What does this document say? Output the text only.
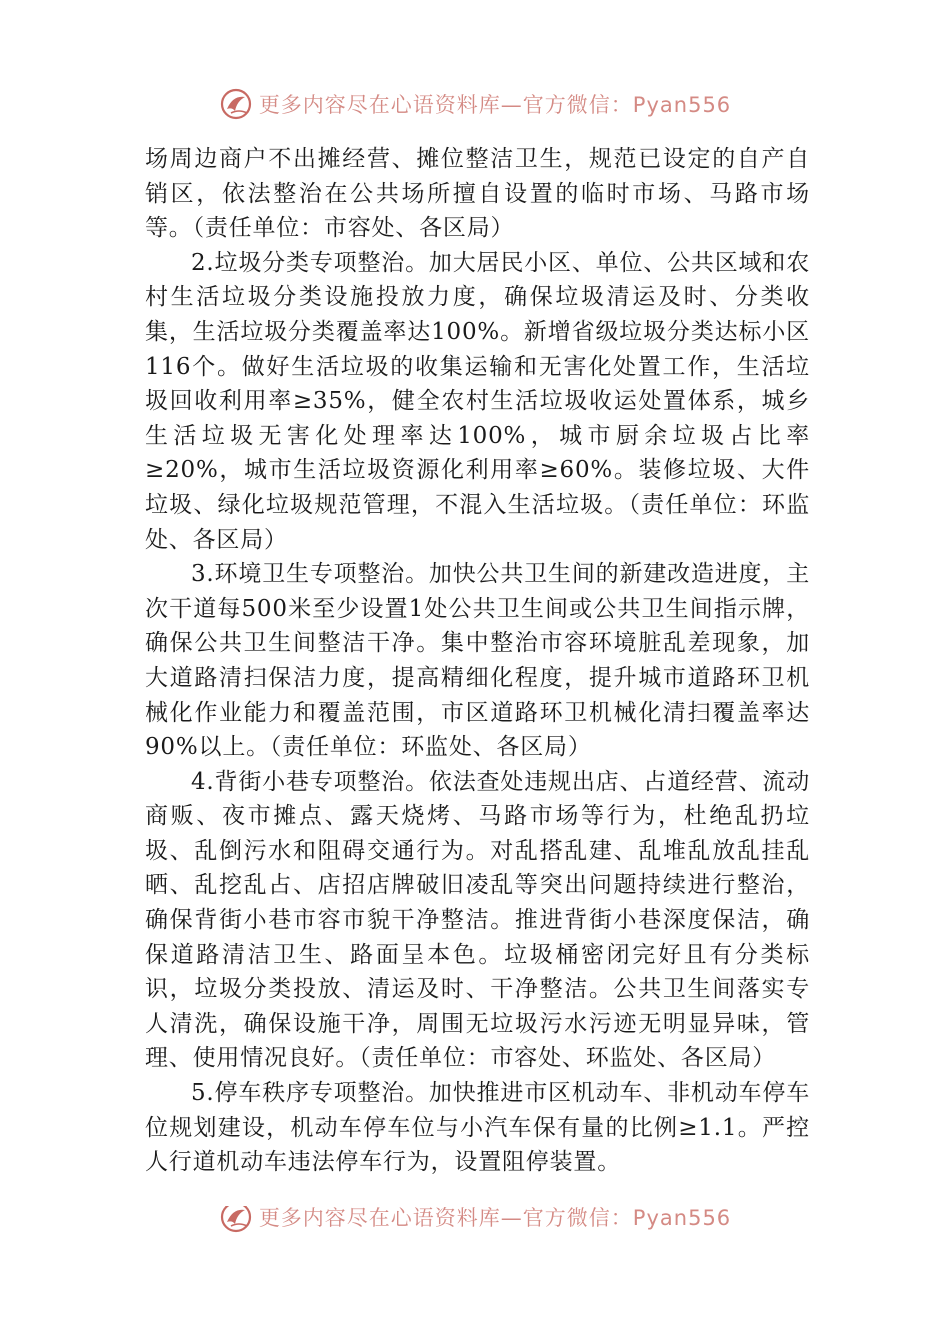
更多内容尽在心语资料库—官方微信：Pyan556

场周边商户不出摊经营、摊位整洁卫生，规范已设定的自产自销区，依法整治在公共场所擅自设置的临时市场、马路市场等。（责任单位：市容处、各区局）

2.垃圾分类专项整治。加大居民小区、单位、公共区域和农村生活垃圾分类设施投放力度，确保垃圾清运及时、分类收集，生活垃圾分类覆盖率达100%。新增省级垃圾分类达标小区116个。做好生活垃圾的收集运输和无害化处置工作，生活垃圾回收利用率≥35%，健全农村生活垃圾收运处置体系，城乡生活垃圾无害化处理率达100%，城市厨余垃圾占比率≥20%，城市生活垃圾资源化利用率≥60%。装修垃圾、大件垃圾、绿化垃圾规范管理，不混入生活垃圾。（责任单位：环监处、各区局）

3.环境卫生专项整治。加快公共卫生间的新建改造进度，主次干道每500米至少设置1处公共卫生间或公共卫生间指示牌，确保公共卫生间整洁干净。集中整治市容环境脏乱差现象，加大道路清扫保洁力度，提高精细化程度，提升城市道路环卫机械化作业能力和覆盖范围，市区道路环卫机械化清扫覆盖率达90%以上。（责任单位：环监处、各区局）

4.背街小巷专项整治。依法查处违规出店、占道经营、流动商贩、夜市摊点、露天烧烤、马路市场等行为，杜绝乱扔垃圾、乱倒污水和阻碍交通行为。对乱搭乱建、乱堆乱放乱挂乱晒、乱挖乱占、店招店牌破旧凌乱等突出问题持续进行整治，确保背街小巷市容市貌干净整洁。推进背街小巷深度保洁，确保道路清洁卫生、路面呈本色。垃圾桶密闭完好且有分类标识，垃圾分类投放、清运及时、干净整洁。公共卫生间落实专人清洗，确保设施干净，周围无垃圾污水污迹无明显异味，管理、使用情况良好。（责任单位：市容处、环监处、各区局）

5.停车秩序专项整治。加快推进市区机动车、非机动车停车位规划建设，机动车停车位与小汽车保有量的比例≥1.1。严控人行道机动车违法停车行为，设置阻停装置。

更多内容尽在心语资料库—官方微信：Pyan556
